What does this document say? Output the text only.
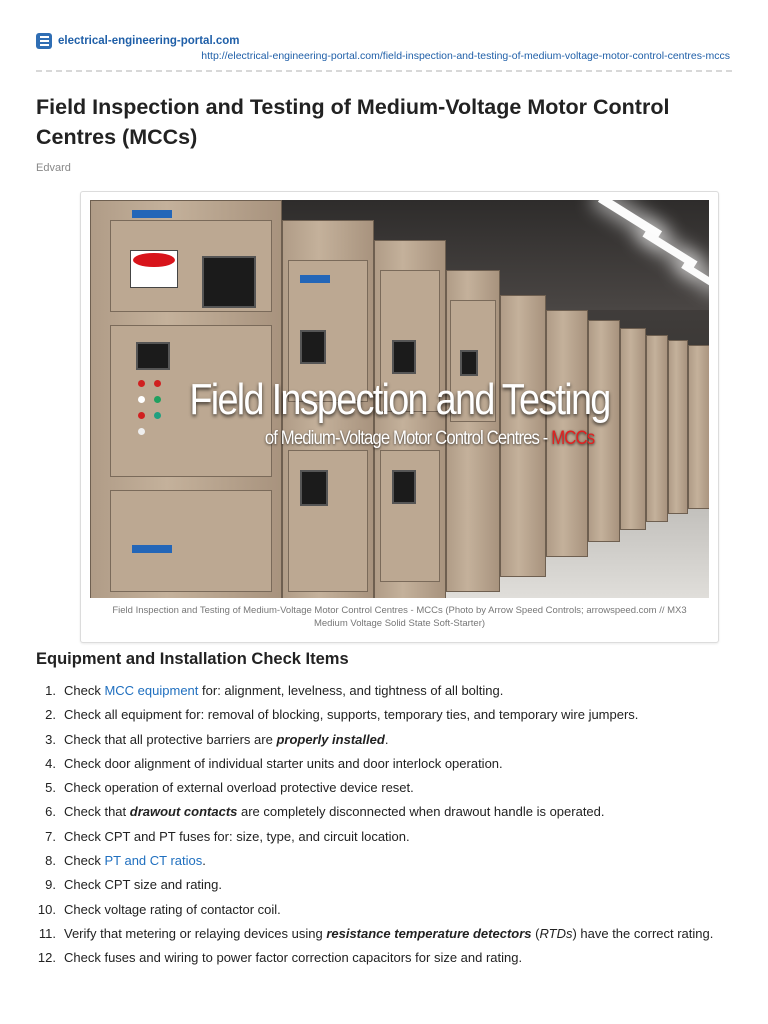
electrical-engineering-portal.com
http://electrical-engineering-portal.com/field-inspection-and-testing-of-medium-voltage-motor-control-centres-mccs
Field Inspection and Testing of Medium-Voltage Motor Control Centres (MCCs)
Edvard
Field Inspection and Testing
of Medium-Voltage Motor Control Centres - MCCs
Field Inspection and Testing of Medium-Voltage Motor Control Centres - MCCs (Photo by Arrow Speed Controls; arrowspeed.com // MX3 Medium Voltage Solid State Soft-Starter)
Equipment and Installation Check Items
1. Check MCC equipment for: alignment, levelness, and tightness of all bolting.
2. Check all equipment for: removal of blocking, supports, temporary ties, and temporary wire jumpers.
3. Check that all protective barriers are properly installed.
4. Check door alignment of individual starter units and door interlock operation.
5. Check operation of external overload protective device reset.
6. Check that drawout contacts are completely disconnected when drawout handle is operated.
7. Check CPT and PT fuses for: size, type, and circuit location.
8. Check PT and CT ratios.
9. Check CPT size and rating.
10. Check voltage rating of contactor coil.
11. Verify that metering or relaying devices using resistance temperature detectors (RTDs) have the correct rating.
12. Check fuses and wiring to power factor correction capacitors for size and rating.
